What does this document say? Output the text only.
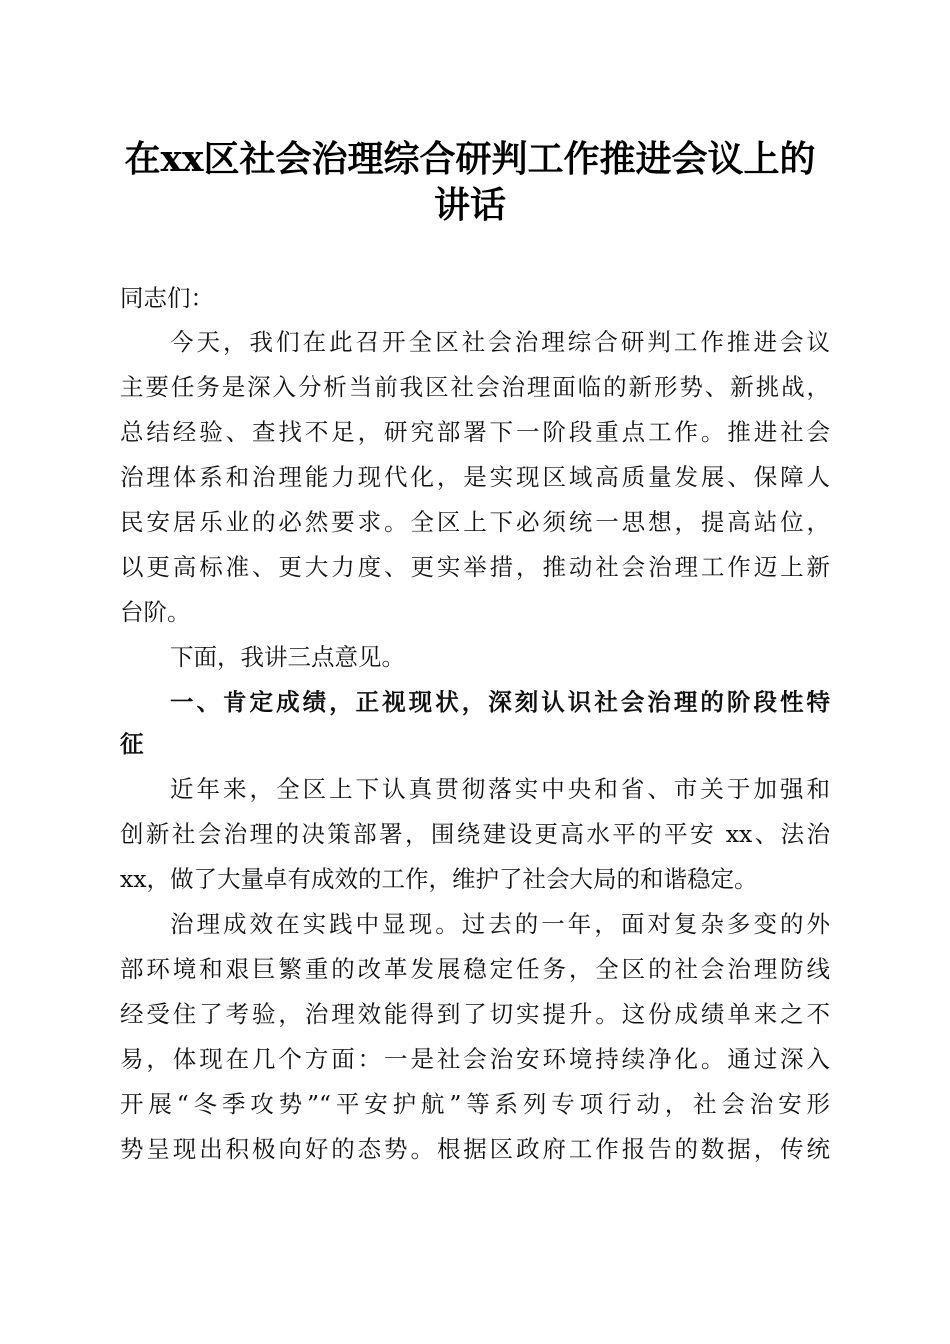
在xx区社会治理综合研判工作推进会议上的
讲话
同志们：
今天，我们在此召开全区社会治理综合研判工作推进会议
主要任务是深入分析当前我区社会治理面临的新形势、新挑战，
总结经验、查找不足，研究部署下一阶段重点工作。推进社会
治理体系和治理能力现代化，是实现区域高质量发展、保障人
民安居乐业的必然要求。全区上下必须统一思想，提高站位，
以更高标准、更大力度、更实举措，推动社会治理工作迈上新
台阶。
下面，我讲三点意见。
一、肯定成绩，正视现状，深刻认识社会治理的阶段性特
征
近年来，全区上下认真贯彻落实中央和省、市关于加强和
创新社会治理的决策部署，围绕建设更高水平的平安 xx、法治
xx，做了大量卓有成效的工作，维护了社会大局的和谐稳定。
治理成效在实践中显现。过去的一年，面对复杂多变的外
部环境和艰巨繁重的改革发展稳定任务，全区的社会治理防线
经受住了考验，治理效能得到了切实提升。这份成绩单来之不
易，体现在几个方面：一是社会治安环境持续净化。通过深入
开展“冬季攻势”“平安护航”等系列专项行动，社会治安形
势呈现出积极向好的态势。根据区政府工作报告的数据，传统
